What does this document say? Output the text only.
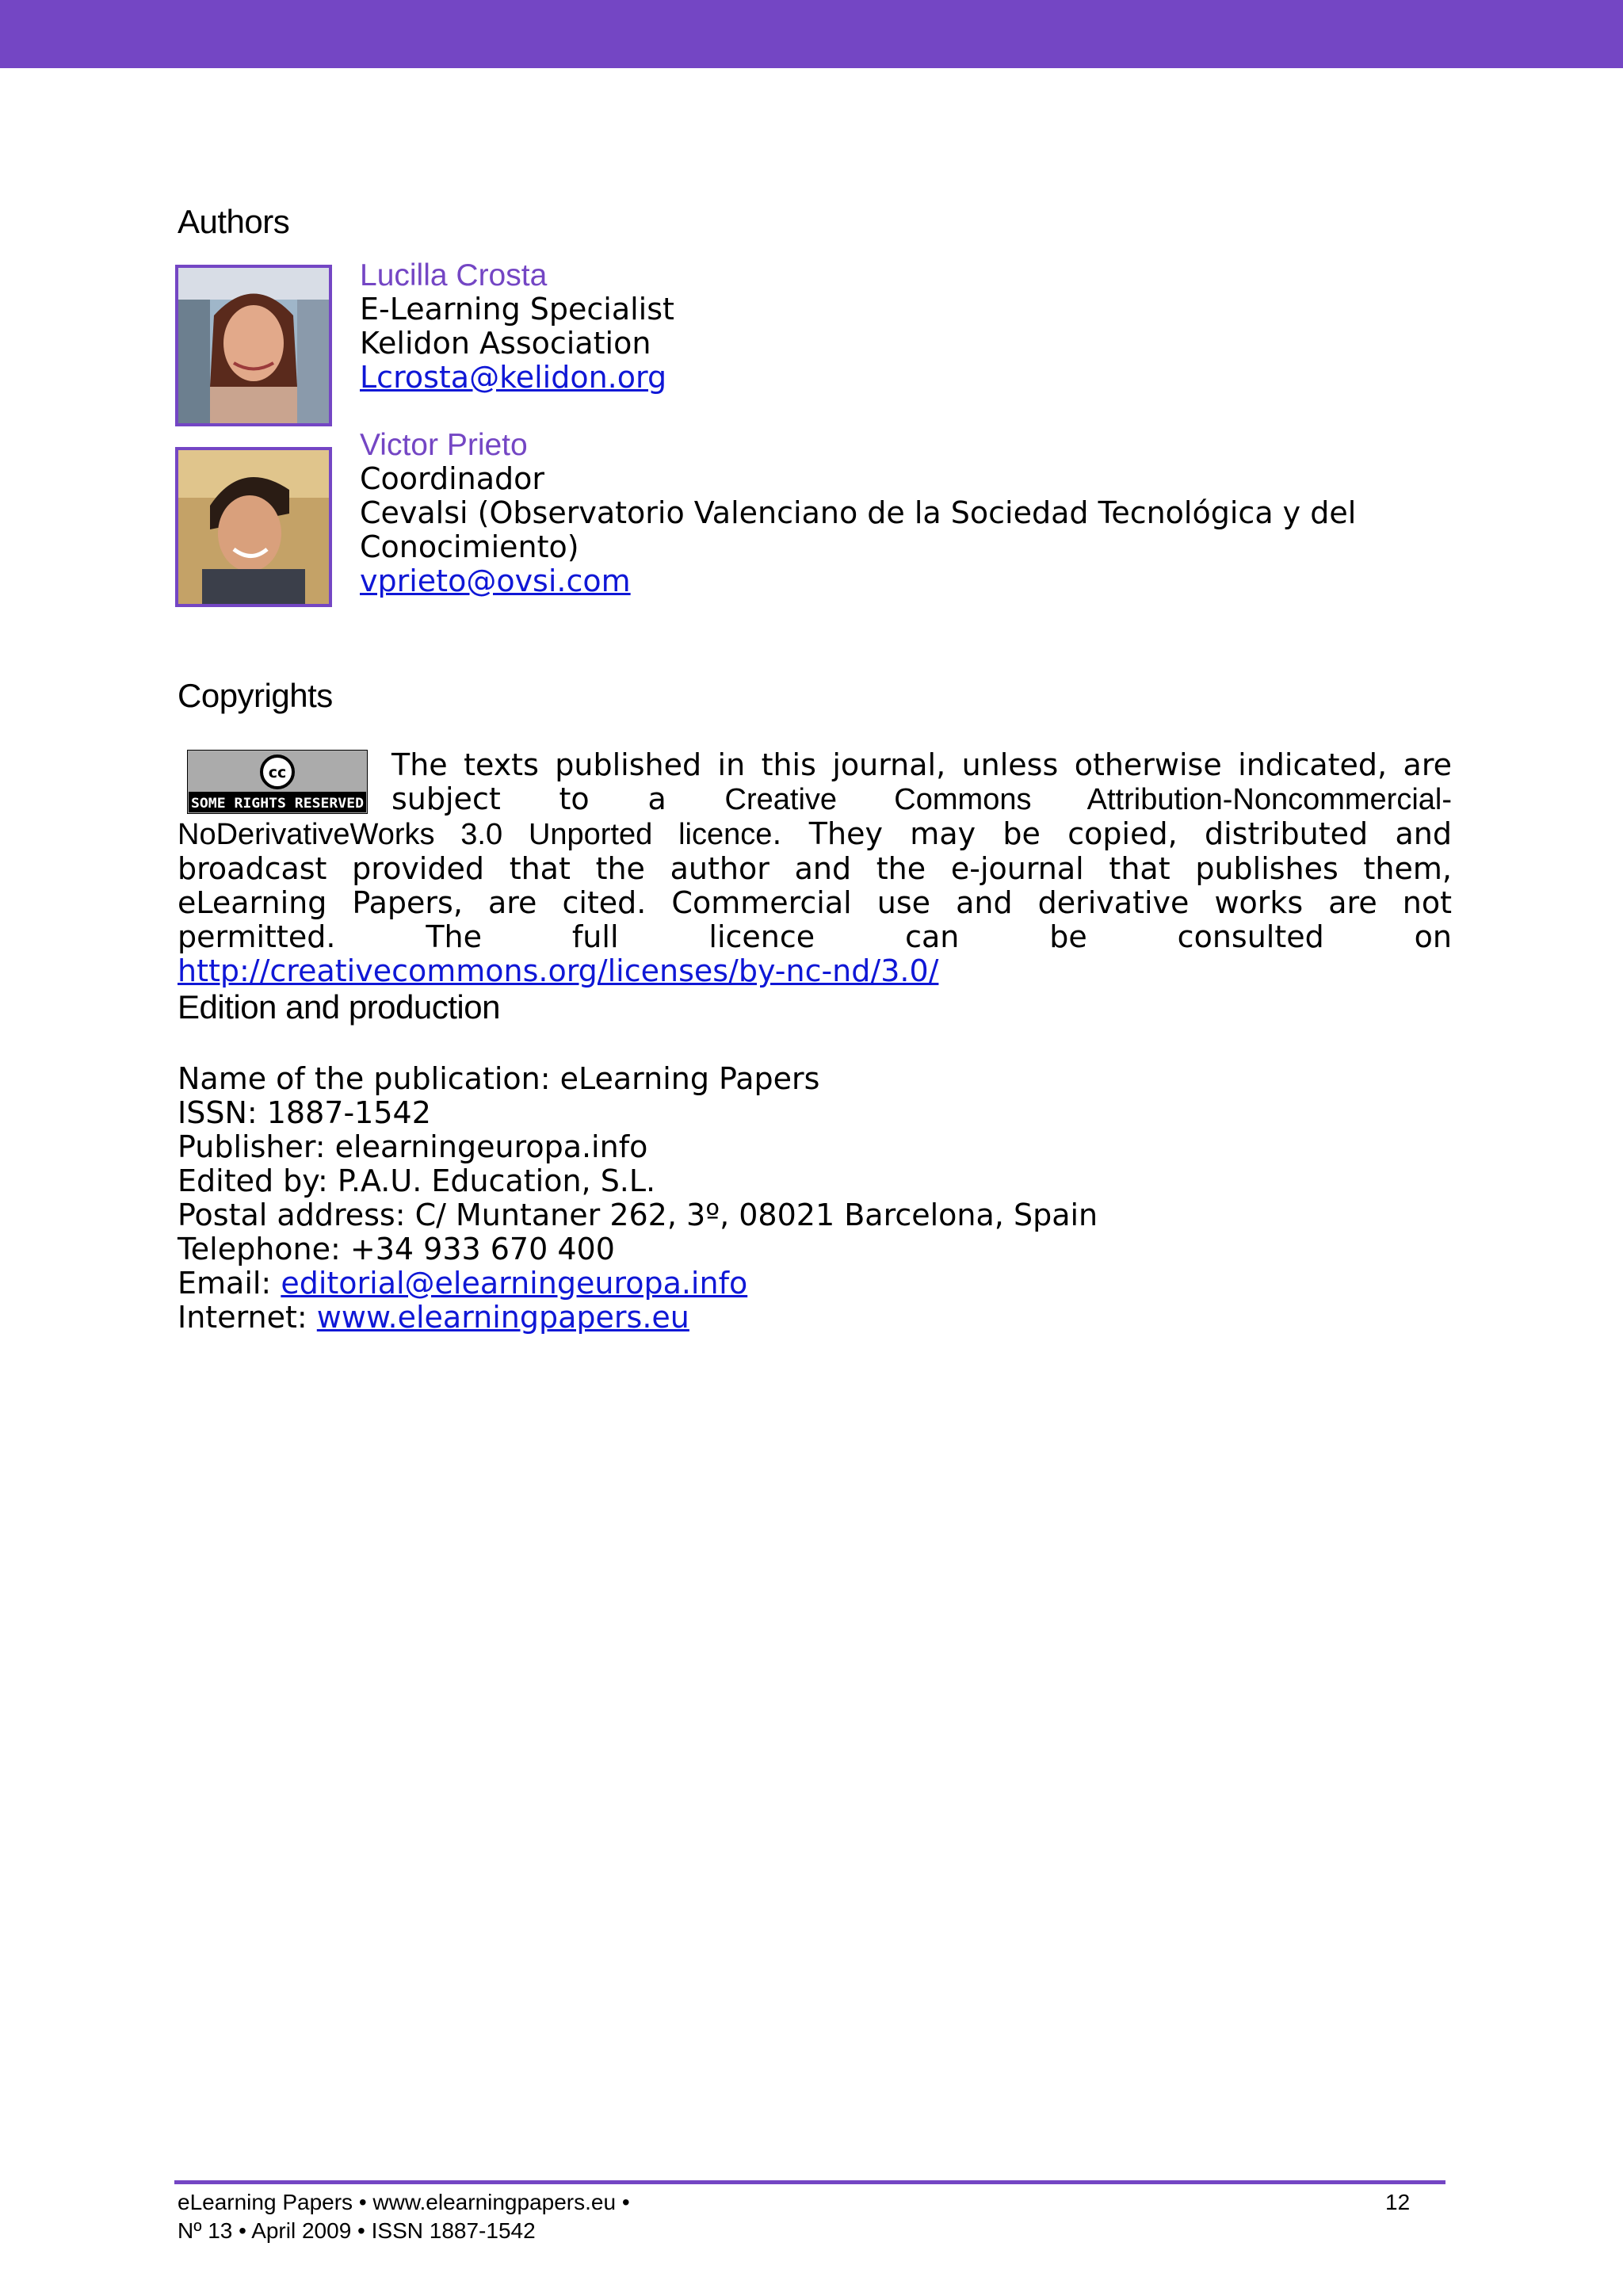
Authors
Lucilla Crosta
E-Learning Specialist
Kelidon Association
Lcrosta@kelidon.org
Victor Prieto
Coordinador
Cevalsi (Observatorio Valenciano de la Sociedad Tecnológica y del
Conocimiento)
vprieto@ovsi.com
Copyrights
cc
SOME RIGHTS RESERVED
The texts published in this journal, unless otherwise indicated, are subject to a Creative Commons Attribution-Noncommercial-NoDerivativeWorks 3.0 Unported licence. They may be copied, distributed and broadcast provided that the author and the e-journal that publishes them, eLearning Papers, are cited. Commercial use and derivative works are not permitted. The full licence can be consulted on http://creativecommons.org/licenses/by-nc-nd/3.0/
Edition and production
Name of the publication: eLearning Papers
ISSN: 1887-1542
Publisher: elearningeuropa.info
Edited by: P.A.U. Education, S.L.
Postal address: C/ Muntaner 262, 3º, 08021 Barcelona, Spain
Telephone: +34 933 670 400
Email: editorial@elearningeuropa.info
Internet: www.elearningpapers.eu
eLearning Papers • www.elearningpapers.eu •
Nº 13 • April 2009 • ISSN 1887-1542
12
